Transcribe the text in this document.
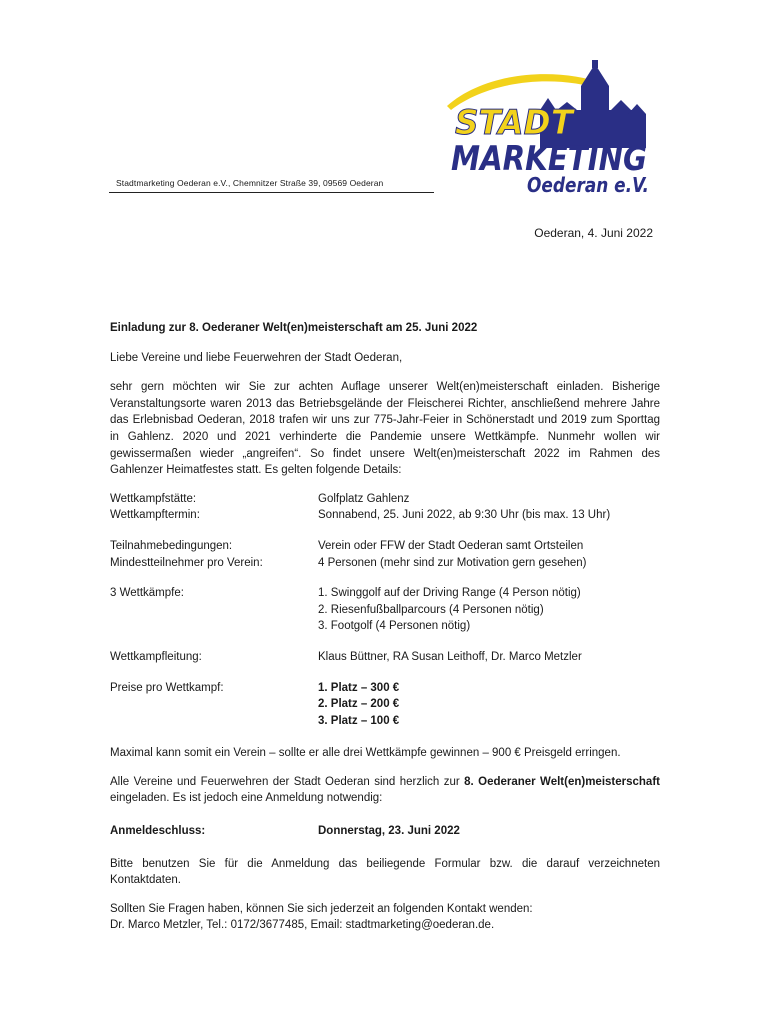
STADT
MARKETING
Oederan e.V.
Stadtmarketing Oederan e.V., Chemnitzer Straße 39, 09569 Oederan
Oederan, 4. Juni 2022

Einladung zur 8. Oederaner Welt(en)meisterschaft am 25. Juni 2022

Liebe Vereine und liebe Feuerwehren der Stadt Oederan,

sehr gern möchten wir Sie zur achten Auflage unserer Welt(en)meisterschaft einladen. Bisherige Veranstaltungsorte waren 2013 das Betriebsgelände der Fleischerei Richter, anschließend mehrere Jahre das Erlebnisbad Oederan, 2018 trafen wir uns zur 775-Jahr-Feier in Schönerstadt und 2019 zum Sporttag in Gahlenz. 2020 und 2021 verhinderte die Pandemie unsere Wettkämpfe. Nunmehr wollen wir gewissermaßen wieder „angreifen“. So findet unsere Welt(en)meisterschaft 2022 im Rahmen des Gahlenzer Heimatfestes statt. Es gelten folgende Details:

Wettkampfstätte:	Golfplatz Gahlenz
Wettkampftermin:	Sonnabend, 25. Juni 2022, ab 9:30 Uhr (bis max. 13 Uhr)
Teilnahmebedingungen:	Verein oder FFW der Stadt Oederan samt Ortsteilen
Mindestteilnehmer pro Verein:	4 Personen (mehr sind zur Motivation gern gesehen)
3 Wettkämpfe:	1. Swinggolf auf der Driving Range (4 Person nötig)
2. Riesenfußballparcours (4 Personen nötig)
3. Footgolf (4 Personen nötig)
Wettkampfleitung:	Klaus Büttner, RA Susan Leithoff, Dr. Marco Metzler
Preise pro Wettkampf:	1. Platz – 300 €
2. Platz – 200 €
3. Platz – 100 €

Maximal kann somit ein Verein – sollte er alle drei Wettkämpfe gewinnen – 900 € Preisgeld erringen.

Alle Vereine und Feuerwehren der Stadt Oederan sind herzlich zur 8. Oederaner Welt(en)meisterschaft eingeladen. Es ist jedoch eine Anmeldung notwendig:

Anmeldeschluss:	Donnerstag, 23. Juni 2022

Bitte benutzen Sie für die Anmeldung das beiliegende Formular bzw. die darauf verzeichneten Kontaktdaten.

Sollten Sie Fragen haben, können Sie sich jederzeit an folgenden Kontakt wenden:
Dr. Marco Metzler, Tel.: 0172/3677485, Email: stadtmarketing@oederan.de.
